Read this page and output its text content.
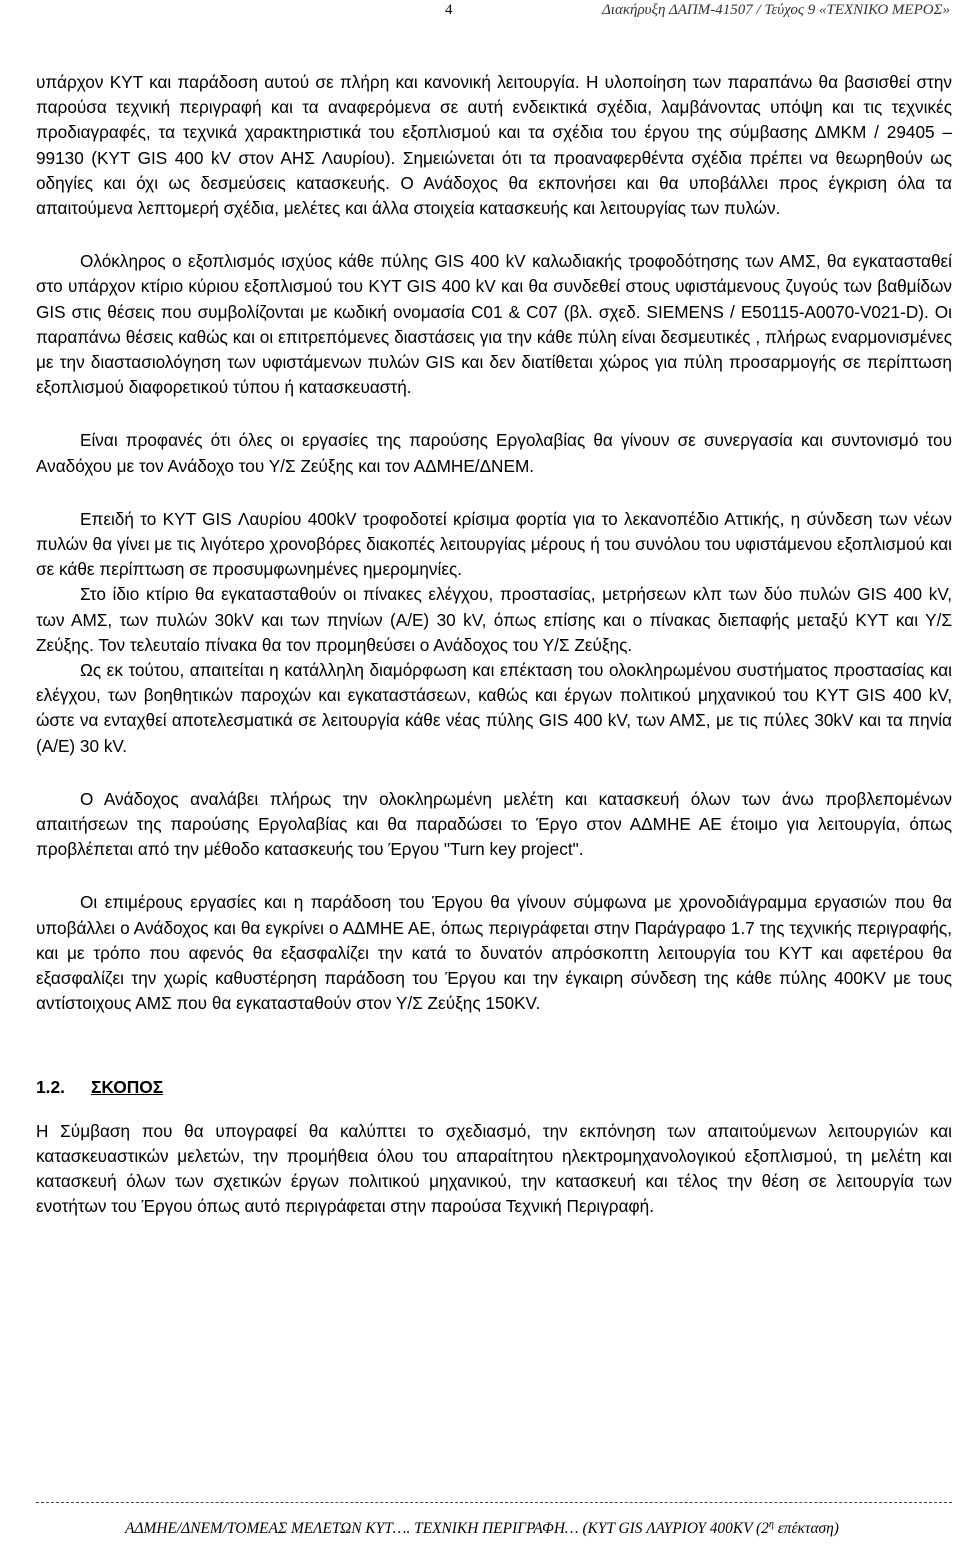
4	Διακήρυξη ΔΑΠΜ-41507 / Τεύχος 9 «ΤΕΧΝΙΚΟ ΜΕΡΟΣ»

υπάρχον ΚΥΤ και παράδοση αυτού σε πλήρη και κανονική λειτουργία. Η υλοποίηση των παραπάνω θα βασισθεί στην παρούσα τεχνική περιγραφή και τα αναφερόμενα σε αυτή ενδεικτικά σχέδια, λαμβάνοντας υπόψη και τις τεχνικές προδιαγραφές, τα τεχνικά χαρακτηριστικά του εξοπλισμού και τα σχέδια του έργου της σύμβασης ΔΜΚΜ / 29405 – 99130 (ΚΥΤ GIS 400 kV στον ΑΗΣ Λαυρίου). Σημειώνεται ότι τα προαναφερθέντα σχέδια πρέπει να θεωρηθούν ως οδηγίες και όχι ως δεσμεύσεις κατασκευής. Ο Ανάδοχος θα εκπονήσει και θα υποβάλλει προς έγκριση όλα τα απαιτούμενα λεπτομερή σχέδια, μελέτες και άλλα στοιχεία κατασκευής και λειτουργίας των πυλών.

Ολόκληρος ο εξοπλισμός ισχύος κάθε πύλης GIS 400 kV καλωδιακής τροφοδότησης των ΑΜΣ, θα εγκατασταθεί στο υπάρχον κτίριο κύριου εξοπλισμού του ΚΥΤ GIS 400 kV και θα συνδεθεί στους υφιστάμενους ζυγούς των βαθμίδων GIS στις θέσεις που συμβολίζονται με κωδική ονομασία C01 & C07 (βλ. σχεδ. SIEMENS / E50115-A0070-V021-D). Οι παραπάνω θέσεις καθώς και οι επιτρεπόμενες διαστάσεις για την κάθε πύλη είναι δεσμευτικές , πλήρως εναρμονισμένες με την διαστασιολόγηση των υφιστάμενων πυλών GIS και δεν διατίθεται χώρος για πύλη προσαρμογής σε περίπτωση εξοπλισμού διαφορετικού τύπου ή κατασκευαστή.

Είναι προφανές ότι όλες οι εργασίες της παρούσης Εργολαβίας θα γίνουν σε συνεργασία και συντονισμό του Αναδόχου με τον Ανάδοχο του Υ/Σ Ζεύξης και τον ΑΔΜΗΕ/ΔΝΕΜ.

Επειδή το ΚΥΤ GIS Λαυρίου 400kV τροφοδοτεί κρίσιμα φορτία για το λεκανοπέδιο Αττικής, η σύνδεση των νέων πυλών θα γίνει με τις λιγότερο χρονοβόρες διακοπές λειτουργίας μέρους ή του συνόλου του υφιστάμενου εξοπλισμού και σε κάθε περίπτωση σε προσυμφωνημένες ημερομηνίες.

Στο ίδιο κτίριο θα εγκατασταθούν οι πίνακες ελέγχου, προστασίας, μετρήσεων κλπ των δύο πυλών GIS 400 kV, των ΑΜΣ, των πυλών 30kV και των πηνίων (Α/Ε) 30 kV, όπως επίσης και ο πίνακας διεπαφής μεταξύ ΚΥΤ και Υ/Σ Ζεύξης. Τον τελευταίο πίνακα θα τον προμηθεύσει ο Ανάδοχος του Υ/Σ Ζεύξης.

Ως εκ τούτου, απαιτείται η κατάλληλη διαμόρφωση και επέκταση του ολοκληρωμένου συστήματος προστασίας και ελέγχου, των βοηθητικών παροχών και εγκαταστάσεων, καθώς και έργων πολιτικού μηχανικού του ΚΥΤ GIS 400 kV, ώστε να ενταχθεί αποτελεσματικά σε λειτουργία κάθε νέας πύλης GIS 400 kV, των ΑΜΣ, με τις πύλες 30kV και τα πηνία (Α/Ε) 30 kV.

Ο Ανάδοχος αναλάβει πλήρως την ολοκληρωμένη μελέτη και κατασκευή όλων των άνω προβλεπομένων απαιτήσεων της παρούσης Εργολαβίας και θα παραδώσει το Έργο στον ΑΔΜΗΕ ΑΕ έτοιμο για λειτουργία, όπως προβλέπεται από την μέθοδο κατασκευής του Έργου "Turn key project".

Οι επιμέρους εργασίες και η παράδοση του Έργου θα γίνουν σύμφωνα με χρονοδιάγραμμα εργασιών που θα υποβάλλει ο Ανάδοχος και θα εγκρίνει ο ΑΔΜΗΕ ΑΕ, όπως περιγράφεται στην Παράγραφο 1.7 της τεχνικής περιγραφής, και με τρόπο που αφενός θα εξασφαλίζει την κατά το δυνατόν απρόσκοπτη λειτουργία του ΚΥΤ και αφετέρου θα εξασφαλίζει την χωρίς καθυστέρηση παράδοση του Έργου και την έγκαιρη σύνδεση της κάθε πύλης 400KV με τους αντίστοιχους ΑΜΣ που θα εγκατασταθούν στον Υ/Σ Ζεύξης 150KV.

1.2. ΣΚΟΠΟΣ

Η Σύμβαση που θα υπογραφεί θα καλύπτει το σχεδιασμό, την εκπόνηση των απαιτούμενων λειτουργιών και κατασκευαστικών μελετών, την προμήθεια όλου του απαραίτητου ηλεκτρομηχανολογικού εξοπλισμού, τη μελέτη και κατασκευή όλων των σχετικών έργων πολιτικού μηχανικού, την κατασκευή και τέλος την θέση σε λειτουργία των ενοτήτων του Έργου όπως αυτό περιγράφεται στην παρούσα Τεχνική Περιγραφή.

ΑΔΜΗΕ/ΔΝΕΜ/ΤΟΜΕΑΣ ΜΕΛΕΤΩΝ ΚΥΤ…. ΤΕΧΝΙΚΗ ΠΕΡΙΓΡΑΦΗ… (ΚΥΤ GIS ΛΑΥΡΙΟΥ 400KV ($2^\eta$ επέκταση)
